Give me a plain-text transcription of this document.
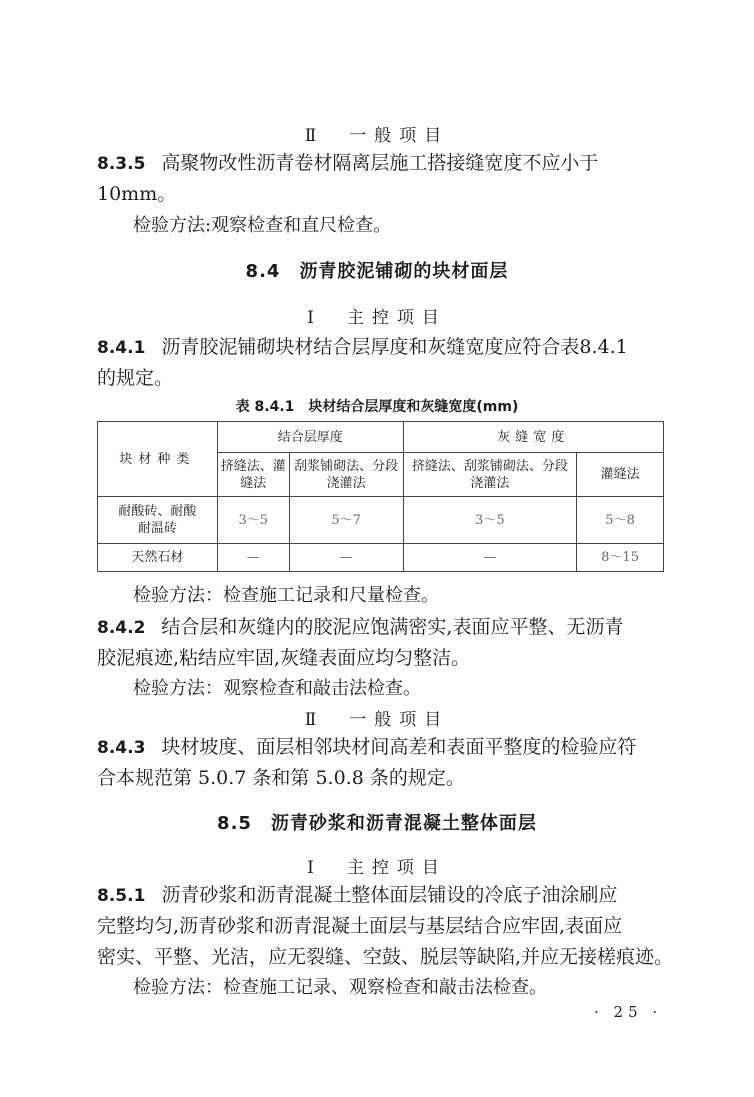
Ⅱ　一般项目
8.3.5 高聚物改性沥青卷材隔离层施工搭接缝宽度不应小于
10mm。
检验方法:观察检查和直尺检查。
8.4　沥青胶泥铺砌的块材面层
Ⅰ　主控项目
8.4.1 沥青胶泥铺砌块材结合层厚度和灰缝宽度应符合表8.4.1
的规定。
表 8.4.1　块材结合层厚度和灰缝宽度(mm)
块材种类	结合层厚度		灰缝宽度	
	挤缝法、灌缝法	刮浆铺砌法、分段浇灌法	挤缝法、刮浆铺砌法、分段浇灌法	灌缝法
耐酸砖、耐酸耐温砖	3～5	5～7	3～5	5～8
天然石材	—	—	—	8～15
检验方法：检查施工记录和尺量检查。
8.4.2 结合层和灰缝内的胶泥应饱满密实,表面应平整、无沥青
胶泥痕迹,粘结应牢固,灰缝表面应均匀整洁。
检验方法：观察检查和敲击法检查。
Ⅱ　一般项目
8.4.3 块材坡度、面层相邻块材间高差和表面平整度的检验应符
合本规范第 5.0.7 条和第 5.0.8 条的规定。
8.5　沥青砂浆和沥青混凝土整体面层
Ⅰ　主控项目
8.5.1 沥青砂浆和沥青混凝土整体面层铺设的冷底子油涂刷应
完整均匀,沥青砂浆和沥青混凝土面层与基层结合应牢固,表面应
密实、平整、光洁，应无裂缝、空鼓、脱层等缺陷,并应无接槎痕迹。
检验方法：检查施工记录、观察检查和敲击法检查。
· 25 ·
